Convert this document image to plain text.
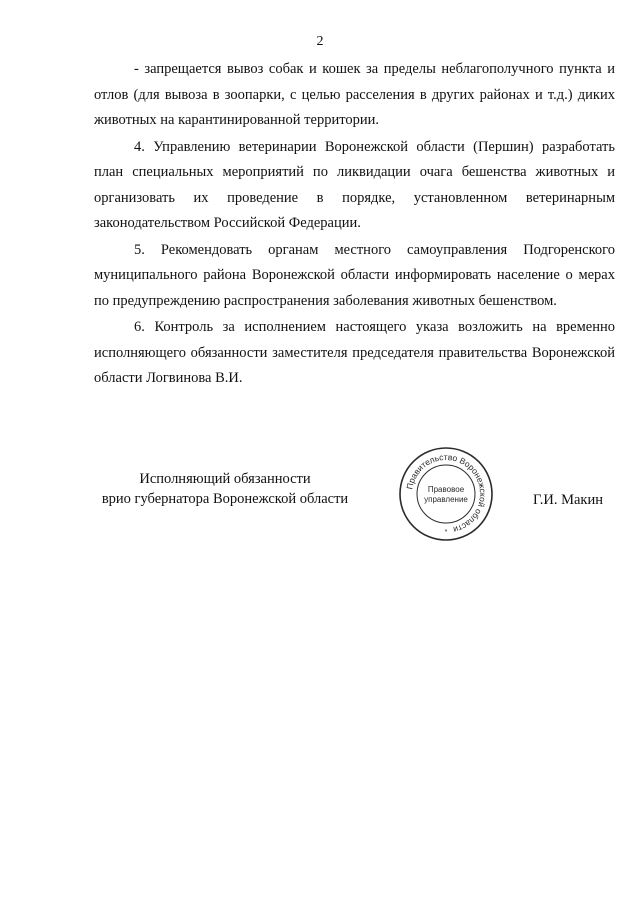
2

- запрещается вывоз собак и кошек за пределы неблагополучного пункта и отлов (для вывоза в зоопарки, с целью расселения в других районах и т.д.) диких животных на карантинированной территории.

4. Управлению ветеринарии Воронежской области (Першин) разработать план специальных мероприятий по ликвидации очага бешенства животных и организовать их проведение в порядке, установленном ветеринарным законодательством Российской Федерации.

5. Рекомендовать органам местного самоуправления Подгоренского муниципального района Воронежской области информировать население о мерах по предупреждению распространения заболевания животных бешенством.

6. Контроль за исполнением настоящего указа возложить на временно исполняющего обязанности заместителя председателя правительства Воронежской области Логвинова В.И.

Исполняющий обязанности
врио губернатора Воронежской области
Правительство Воронежской области
Правовое
управление
*
Г.И. Макин
